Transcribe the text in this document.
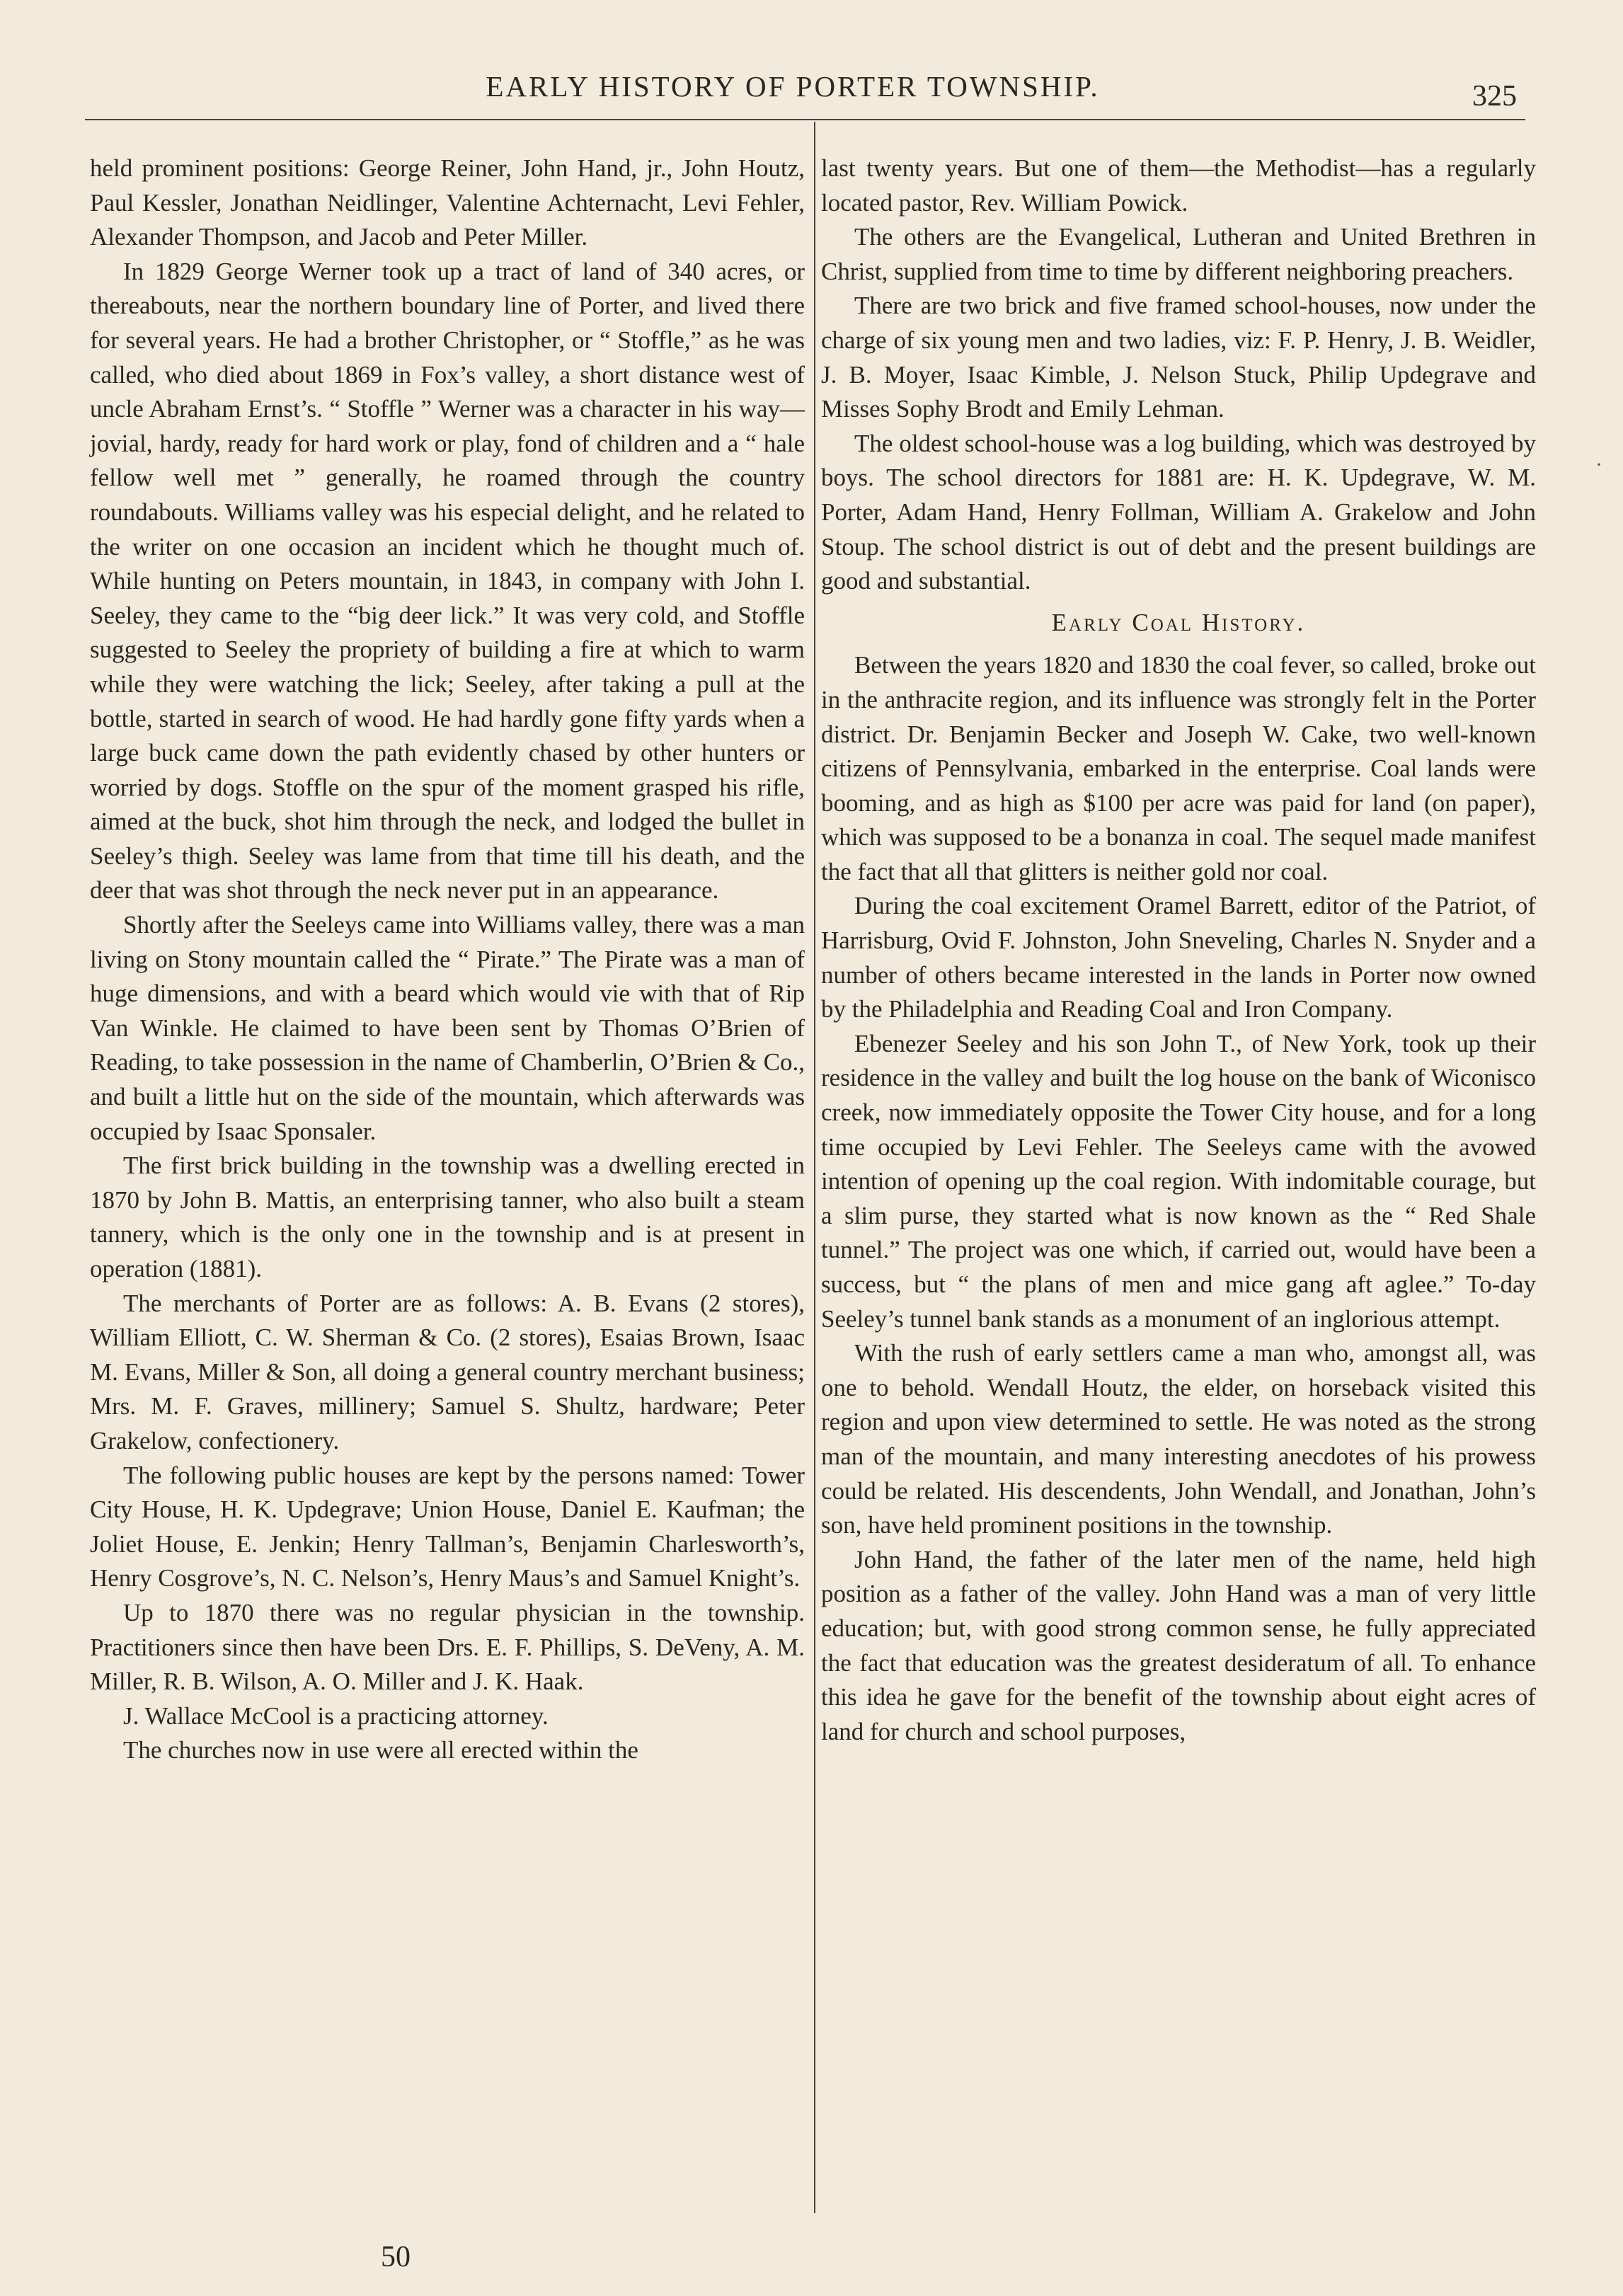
EARLY HISTORY OF PORTER TOWNSHIP.	325

held prominent positions: George Reiner, John Hand, jr., John Houtz, Paul Kessler, Jonathan Neidlinger, Valentine Achternacht, Levi Fehler, Alexander Thompson, and Jacob and Peter Miller.

In 1829 George Werner took up a tract of land of 340 acres, or thereabouts, near the northern boundary line of Porter, and lived there for several years. He had a brother Christopher, or “ Stoffle,” as he was called, who died about 1869 in Fox’s valley, a short distance west of uncle Abraham Ernst’s. “ Stoffle ” Werner was a character in his way—jovial, hardy, ready for hard work or play, fond of children and a “ hale fellow well met ” generally, he roamed through the country roundabouts. Williams valley was his especial delight, and he related to the writer on one occasion an incident which he thought much of. While hunting on Peters mountain, in 1843, in company with John I. Seeley, they came to the “big deer lick.” It was very cold, and Stoffle suggested to Seeley the propriety of building a fire at which to warm while they were watching the lick; Seeley, after taking a pull at the bottle, started in search of wood. He had hardly gone fifty yards when a large buck came down the path evidently chased by other hunters or worried by dogs. Stoffle on the spur of the moment grasped his rifle, aimed at the buck, shot him through the neck, and lodged the bullet in Seeley’s thigh. Seeley was lame from that time till his death, and the deer that was shot through the neck never put in an appearance.

Shortly after the Seeleys came into Williams valley, there was a man living on Stony mountain called the “ Pirate.” The Pirate was a man of huge dimensions, and with a beard which would vie with that of Rip Van Winkle. He claimed to have been sent by Thomas O’Brien of Reading, to take possession in the name of Chamberlin, O’Brien & Co., and built a little hut on the side of the mountain, which afterwards was occupied by Isaac Sponsaler.

The first brick building in the township was a dwelling erected in 1870 by John B. Mattis, an enterprising tanner, who also built a steam tannery, which is the only one in the township and is at present in operation (1881).

The merchants of Porter are as follows: A. B. Evans (2 stores), William Elliott, C. W. Sherman & Co. (2 stores), Esaias Brown, Isaac M. Evans, Miller & Son, all doing a general country merchant business; Mrs. M. F. Graves, millinery; Samuel S. Shultz, hardware; Peter Grakelow, confectionery.

The following public houses are kept by the persons named: Tower City House, H. K. Updegrave; Union House, Daniel E. Kaufman; the Joliet House, E. Jenkin; Henry Tallman’s, Benjamin Charlesworth’s, Henry Cosgrove’s, N. C. Nelson’s, Henry Maus’s and Samuel Knight’s.

Up to 1870 there was no regular physician in the township. Practitioners since then have been Drs. E. F. Phillips, S. DeVeny, A. M. Miller, R. B. Wilson, A. O. Miller and J. K. Haak.

J. Wallace McCool is a practicing attorney.

The churches now in use were all erected within the

last twenty years. But one of them—the Methodist—has a regularly located pastor, Rev. William Powick.

The others are the Evangelical, Lutheran and United Brethren in Christ, supplied from time to time by different neighboring preachers.

There are two brick and five framed school-houses, now under the charge of six young men and two ladies, viz: F. P. Henry, J. B. Weidler, J. B. Moyer, Isaac Kimble, J. Nelson Stuck, Philip Updegrave and Misses Sophy Brodt and Emily Lehman.

The oldest school-house was a log building, which was destroyed by boys. The school directors for 1881 are: H. K. Updegrave, W. M. Porter, Adam Hand, Henry Follman, William A. Grakelow and John Stoup. The school district is out of debt and the present buildings are good and substantial.

Early Coal History.

Between the years 1820 and 1830 the coal fever, so called, broke out in the anthracite region, and its influence was strongly felt in the Porter district. Dr. Benjamin Becker and Joseph W. Cake, two well-known citizens of Pennsylvania, embarked in the enterprise. Coal lands were booming, and as high as $100 per acre was paid for land (on paper), which was supposed to be a bonanza in coal. The sequel made manifest the fact that all that glitters is neither gold nor coal.

During the coal excitement Oramel Barrett, editor of the Patriot, of Harrisburg, Ovid F. Johnston, John Sneveling, Charles N. Snyder and a number of others became interested in the lands in Porter now owned by the Philadelphia and Reading Coal and Iron Company.

Ebenezer Seeley and his son John T., of New York, took up their residence in the valley and built the log house on the bank of Wiconisco creek, now immediately opposite the Tower City house, and for a long time occupied by Levi Fehler. The Seeleys came with the avowed intention of opening up the coal region. With indomitable courage, but a slim purse, they started what is now known as the “ Red Shale tunnel.” The project was one which, if carried out, would have been a success, but “ the plans of men and mice gang aft aglee.” To-day Seeley’s tunnel bank stands as a monument of an inglorious attempt.

With the rush of early settlers came a man who, amongst all, was one to behold. Wendall Houtz, the elder, on horseback visited this region and upon view determined to settle. He was noted as the strong man of the mountain, and many interesting anecdotes of his prowess could be related. His descendents, John Wendall, and Jonathan, John’s son, have held prominent positions in the township.

John Hand, the father of the later men of the name, held high position as a father of the valley. John Hand was a man of very little education; but, with good strong common sense, he fully appreciated the fact that education was the greatest desideratum of all. To enhance this idea he gave for the benefit of the township about eight acres of land for church and school purposes,

50
·
